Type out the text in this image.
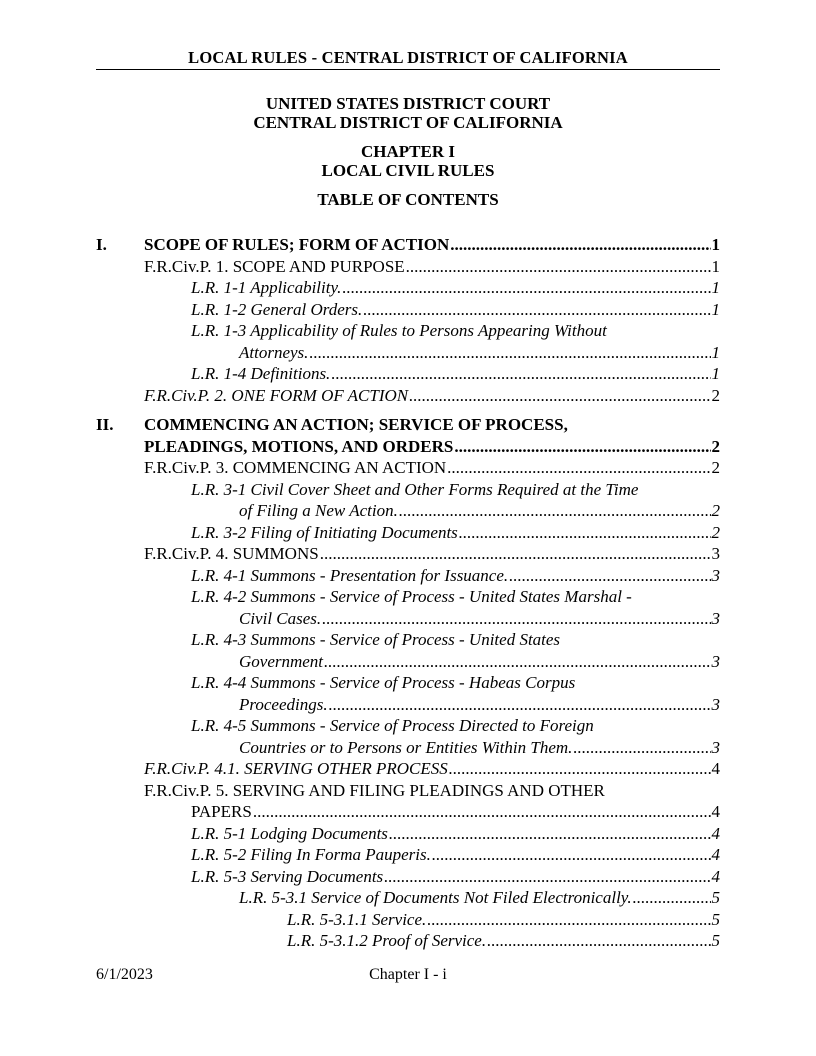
LOCAL RULES - CENTRAL DISTRICT OF CALIFORNIA
UNITED STATES DISTRICT COURT
CENTRAL DISTRICT OF CALIFORNIA
CHAPTER I
LOCAL CIVIL RULES
TABLE OF CONTENTS
I. SCOPE OF RULES; FORM OF ACTION .....	1
F.R.Civ.P. 1. SCOPE AND PURPOSE .....	1
L.R. 1-1 Applicability. .....	1
L.R. 1-2 General Orders. .....	1
L.R. 1-3 Applicability of Rules to Persons Appearing Without
Attorneys. .....	1
L.R. 1-4 Definitions. .....	1
F.R.Civ.P. 2. ONE FORM OF ACTION .....	2
II. COMMENCING AN ACTION; SERVICE OF PROCESS,
PLEADINGS, MOTIONS, AND ORDERS .....	2
F.R.Civ.P. 3. COMMENCING AN ACTION .....	2
L.R. 3-1 Civil Cover Sheet and Other Forms Required at the Time
of Filing a New Action. .....	2
L.R. 3-2 Filing of Initiating Documents .....	2
F.R.Civ.P. 4. SUMMONS .....	3
L.R. 4-1 Summons - Presentation for Issuance. .....	3
L.R. 4-2 Summons - Service of Process - United States Marshal -
Civil Cases. .....	3
L.R. 4-3 Summons - Service of Process - United States
Government .....	3
L.R. 4-4 Summons - Service of Process - Habeas Corpus
Proceedings. .....	3
L.R. 4-5 Summons - Service of Process Directed to Foreign
Countries or to Persons or Entities Within Them. .....	3
F.R.Civ.P. 4.1. SERVING OTHER PROCESS .....	4
F.R.Civ.P. 5. SERVING AND FILING PLEADINGS AND OTHER
PAPERS .....	4
L.R. 5-1 Lodging Documents .....	4
L.R. 5-2 Filing In Forma Pauperis. .....	4
L.R. 5-3 Serving Documents .....	4
L.R. 5-3.1 Service of Documents Not Filed Electronically. .....	5
L.R. 5-3.1.1 Service. .....	5
L.R. 5-3.1.2 Proof of Service. .....	5
6/1/2023	Chapter I - i
